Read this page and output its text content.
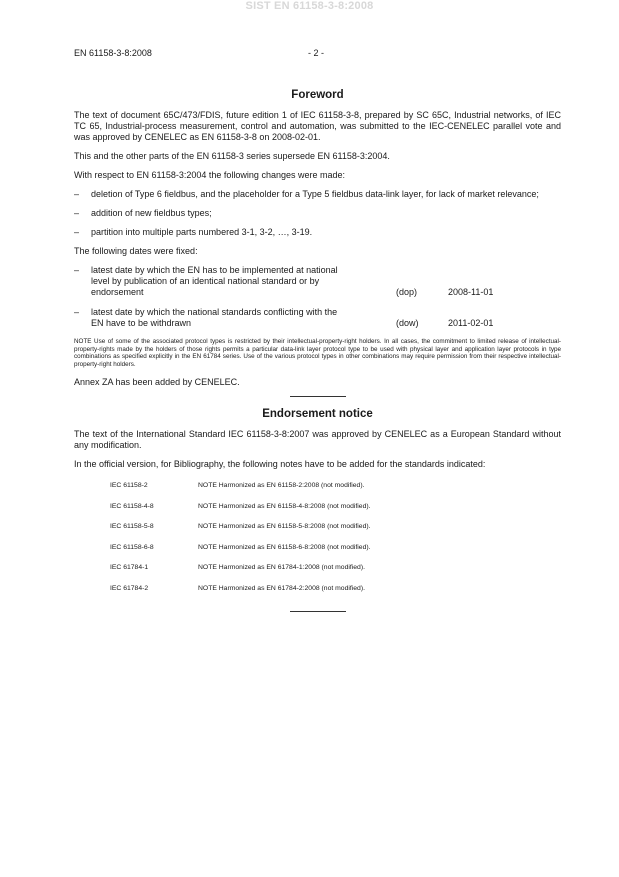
SIST EN 61158-3-8:2008
EN 61158-3-8:2008	- 2 -
Foreword

The text of document 65C/473/FDIS, future edition 1 of IEC 61158-3-8, prepared by SC 65C, Industrial networks, of IEC TC 65, Industrial-process measurement, control and automation, was submitted to the IEC-CENELEC parallel vote and was approved by CENELEC as EN 61158-3-8 on 2008-02-01.

This and the other parts of the EN 61158-3 series supersede EN 61158-3:2004.

With respect to EN 61158-3:2004 the following changes were made:

– deletion of Type 6 fieldbus, and the placeholder for a Type 5 fieldbus data-link layer, for lack of market relevance;
– addition of new fieldbus types;
– partition into multiple parts numbered 3-1, 3-2, …, 3-19.

The following dates were fixed:

– latest date by which the EN has to be implemented at national level by publication of an identical national standard or by endorsement	(dop)	2008-11-01
– latest date by which the national standards conflicting with the EN have to be withdrawn	(dow)	2011-02-01

NOTE Use of some of the associated protocol types is restricted by their intellectual-property-right holders. In all cases, the commitment to limited release of intellectual-property-rights made by the holders of those rights permits a particular data-link layer protocol type to be used with physical layer and application layer protocols in type combinations as specified explicitly in the EN 61784 series. Use of the various protocol types in other combinations may require permission from their respective intellectual-property-right holders.

Annex ZA has been added by CENELEC.

Endorsement notice

The text of the International Standard IEC 61158-3-8:2007 was approved by CENELEC as a European Standard without any modification.

In the official version, for Bibliography, the following notes have to be added for the standards indicated:

IEC 61158-2	NOTE Harmonized as EN 61158-2:2008 (not modified).
IEC 61158-4-8	NOTE Harmonized as EN 61158-4-8:2008 (not modified).
IEC 61158-5-8	NOTE Harmonized as EN 61158-5-8:2008 (not modified).
IEC 61158-6-8	NOTE Harmonized as EN 61158-6-8:2008 (not modified).
IEC 61784-1	NOTE Harmonized as EN 61784-1:2008 (not modified).
IEC 61784-2	NOTE Harmonized as EN 61784-2:2008 (not modified).
